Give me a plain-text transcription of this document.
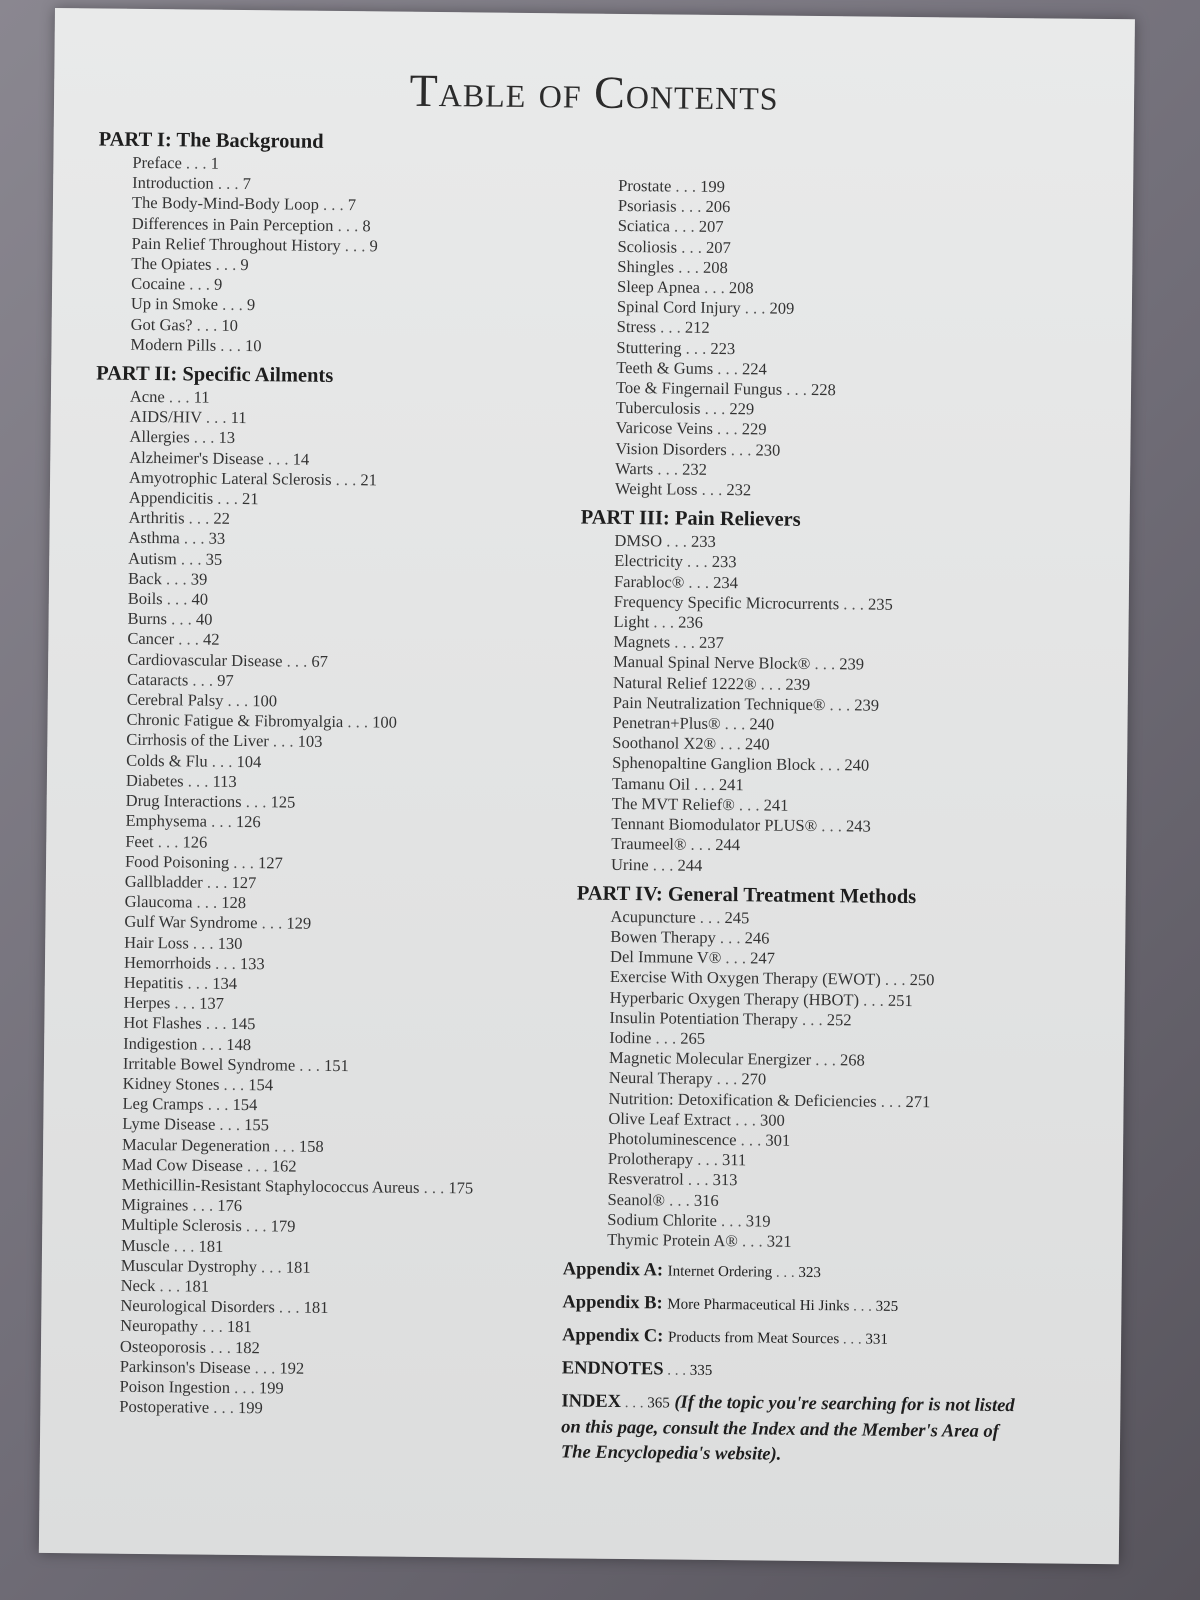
Table of Contents
PART I: The Background
Preface . . . 1
Introduction . . . 7
The Body-Mind-Body Loop . . . 7
Differences in Pain Perception . . . 8
Pain Relief Throughout History . . . 9
The Opiates . . . 9
Cocaine . . . 9
Up in Smoke . . . 9
Got Gas? . . . 10
Modern Pills . . . 10
PART II: Specific Ailments
Acne . . . 11
AIDS/HIV . . . 11
Allergies . . . 13
Alzheimer's Disease . . . 14
Amyotrophic Lateral Sclerosis . . . 21
Appendicitis . . . 21
Arthritis . . . 22
Asthma . . . 33
Autism . . . 35
Back . . . 39
Boils . . . 40
Burns . . . 40
Cancer . . . 42
Cardiovascular Disease . . . 67
Cataracts . . . 97
Cerebral Palsy . . . 100
Chronic Fatigue & Fibromyalgia . . . 100
Cirrhosis of the Liver . . . 103
Colds & Flu . . . 104
Diabetes . . . 113
Drug Interactions . . . 125
Emphysema . . . 126
Feet . . . 126
Food Poisoning . . . 127
Gallbladder . . . 127
Glaucoma . . . 128
Gulf War Syndrome . . . 129
Hair Loss . . . 130
Hemorrhoids . . . 133
Hepatitis . . . 134
Herpes . . . 137
Hot Flashes . . . 145
Indigestion . . . 148
Irritable Bowel Syndrome . . . 151
Kidney Stones . . . 154
Leg Cramps . . . 154
Lyme Disease . . . 155
Macular Degeneration . . . 158
Mad Cow Disease . . . 162
Methicillin-Resistant Staphylococcus Aureus . . . 175
Migraines . . . 176
Multiple Sclerosis . . . 179
Muscle . . . 181
Muscular Dystrophy . . . 181
Neck . . . 181
Neurological Disorders . . . 181
Neuropathy . . . 181
Osteoporosis . . . 182
Parkinson's Disease . . . 192
Poison Ingestion . . . 199
Postoperative . . . 199
Prostate . . . 199
Psoriasis . . . 206
Sciatica . . . 207
Scoliosis . . . 207
Shingles . . . 208
Sleep Apnea . . . 208
Spinal Cord Injury . . . 209
Stress . . . 212
Stuttering . . . 223
Teeth & Gums . . . 224
Toe & Fingernail Fungus . . . 228
Tuberculosis . . . 229
Varicose Veins . . . 229
Vision Disorders . . . 230
Warts . . . 232
Weight Loss . . . 232
PART III: Pain Relievers
DMSO . . . 233
Electricity . . . 233
Farabloc® . . . 234
Frequency Specific Microcurrents . . . 235
Light . . . 236
Magnets . . . 237
Manual Spinal Nerve Block® . . . 239
Natural Relief 1222® . . . 239
Pain Neutralization Technique® . . . 239
Penetran+Plus® . . . 240
Soothanol X2® . . . 240
Sphenopaltine Ganglion Block . . . 240
Tamanu Oil . . . 241
The MVT Relief® . . . 241
Tennant Biomodulator PLUS® . . . 243
Traumeel® . . . 244
Urine . . . 244
PART IV: General Treatment Methods
Acupuncture . . . 245
Bowen Therapy . . . 246
Del Immune V® . . . 247
Exercise With Oxygen Therapy (EWOT) . . . 250
Hyperbaric Oxygen Therapy (HBOT) . . . 251
Insulin Potentiation Therapy . . . 252
Iodine . . . 265
Magnetic Molecular Energizer . . . 268
Neural Therapy . . . 270
Nutrition: Detoxification & Deficiencies . . . 271
Olive Leaf Extract . . . 300
Photoluminescence . . . 301
Prolotherapy . . . 311
Resveratrol . . . 313
Seanol® . . . 316
Sodium Chlorite . . . 319
Thymic Protein A® . . . 321
Appendix A: Internet Ordering . . . 323
Appendix B: More Pharmaceutical Hi Jinks . . . 325
Appendix C: Products from Meat Sources . . . 331
ENDNOTES . . . 335
INDEX . . . 365 (If the topic you're searching for is not listed on this page, consult the Index and the Member's Area of The Encyclopedia's website).
